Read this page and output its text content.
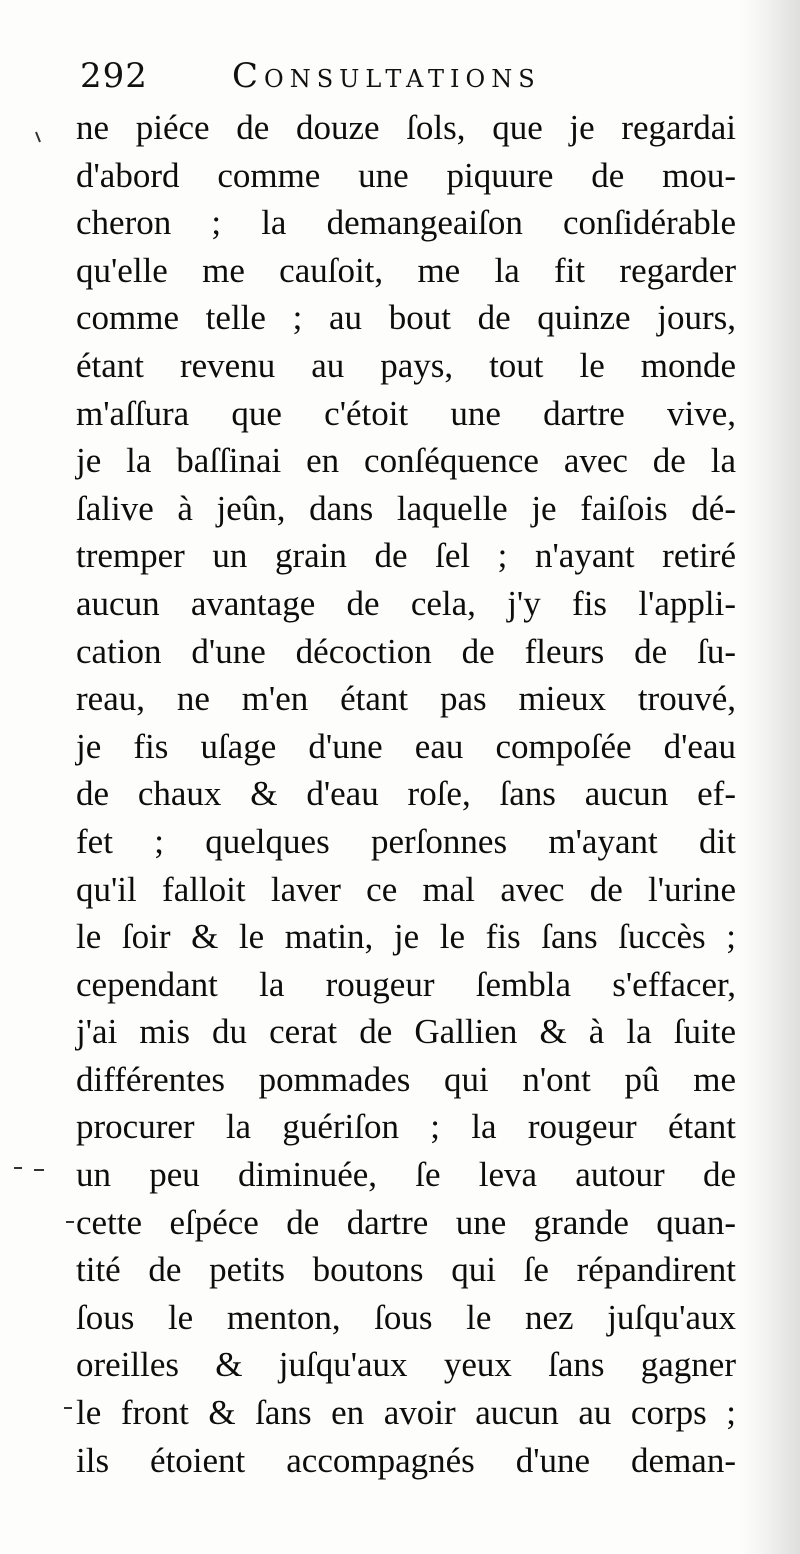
292 Consultations
ne piéce de douze ſols, que je regardai
d'abord comme une piquure de mou-
cheron ; la demangeaiſon conſidérable
qu'elle me cauſoit, me la fit regarder
comme telle ; au bout de quinze jours,
étant revenu au pays, tout le monde
m'aſſura que c'étoit une dartre vive,
je la baſſinai en conſéquence avec de la
ſalive à jeûn, dans laquelle je faiſois dé-
tremper un grain de ſel ; n'ayant retiré
aucun avantage de cela, j'y fis l'appli-
cation d'une décoction de fleurs de ſu-
reau, ne m'en étant pas mieux trouvé,
je fis uſage d'une eau compoſée d'eau
de chaux & d'eau roſe, ſans aucun ef-
fet ; quelques perſonnes m'ayant dit
qu'il falloit laver ce mal avec de l'urine
le ſoir & le matin, je le fis ſans ſuccès ;
cependant la rougeur ſembla s'effacer,
j'ai mis du cerat de Gallien & à la ſuite
différentes pommades qui n'ont pû me
procurer la guériſon ; la rougeur étant
un peu diminuée, ſe leva autour de
cette eſpéce de dartre une grande quan-
tité de petits boutons qui ſe répandirent
ſous le menton, ſous le nez juſqu'aux
oreilles & juſqu'aux yeux ſans gagner
le front & ſans en avoir aucun au corps ;
ils étoient accompagnés d'une deman-
